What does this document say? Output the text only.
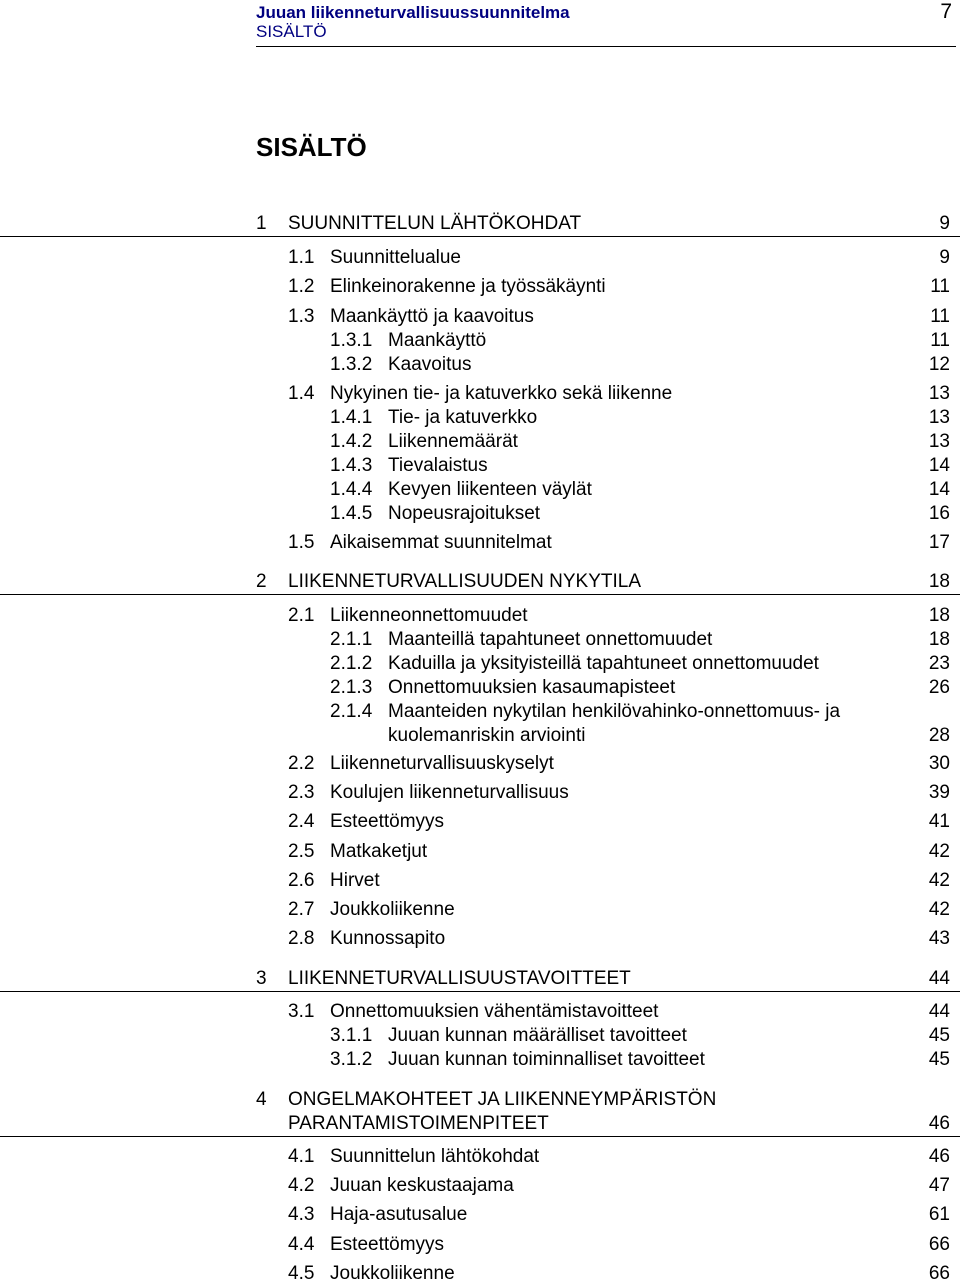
Juuan liikenneturvallisuussuunnitelma
SISÄLTÖ
7
SISÄLTÖ
1 SUUNNITTELUN LÄHTÖKOHDAT	9
1.1 Suunnittelualue	9
1.2 Elinkeinorakenne ja työssäkäynti	11
1.3 Maankäyttö ja kaavoitus	11
1.3.1 Maankäyttö	11
1.3.2 Kaavoitus	12
1.4 Nykyinen tie- ja katuverkko sekä liikenne	13
1.4.1 Tie- ja katuverkko	13
1.4.2 Liikennemäärät	13
1.4.3 Tievalaistus	14
1.4.4 Kevyen liikenteen väylät	14
1.4.5 Nopeusrajoitukset	16
1.5 Aikaisemmat suunnitelmat	17
2 LIIKENNETURVALLISUUDEN NYKYTILA	18
2.1 Liikenneonnettomuudet	18
2.1.1 Maanteillä tapahtuneet onnettomuudet	18
2.1.2 Kaduilla ja yksityisteillä tapahtuneet onnettomuudet	23
2.1.3 Onnettomuuksien kasaumapisteet	26
2.1.4 Maanteiden nykytilan henkilövahinko-onnettomuus- ja
kuolemanriskin arviointi	28
2.2 Liikenneturvallisuuskyselyt	30
2.3 Koulujen liikenneturvallisuus	39
2.4 Esteettömyys	41
2.5 Matkaketjut	42
2.6 Hirvet	42
2.7 Joukkoliikenne	42
2.8 Kunnossapito	43
3 LIIKENNETURVALLISUUSTAVOITTEET	44
3.1 Onnettomuuksien vähentämistavoitteet	44
3.1.1 Juuan kunnan määrälliset tavoitteet	45
3.1.2 Juuan kunnan toiminnalliset tavoitteet	45
4 ONGELMAKOHTEET JA LIIKENNEYMPÄRISTÖN
PARANTAMISTOIMENPITEET	46
4.1 Suunnittelun lähtökohdat	46
4.2 Juuan keskustaajama	47
4.3 Haja-asutusalue	61
4.4 Esteettömyys	66
4.5 Joukkoliikenne	66
